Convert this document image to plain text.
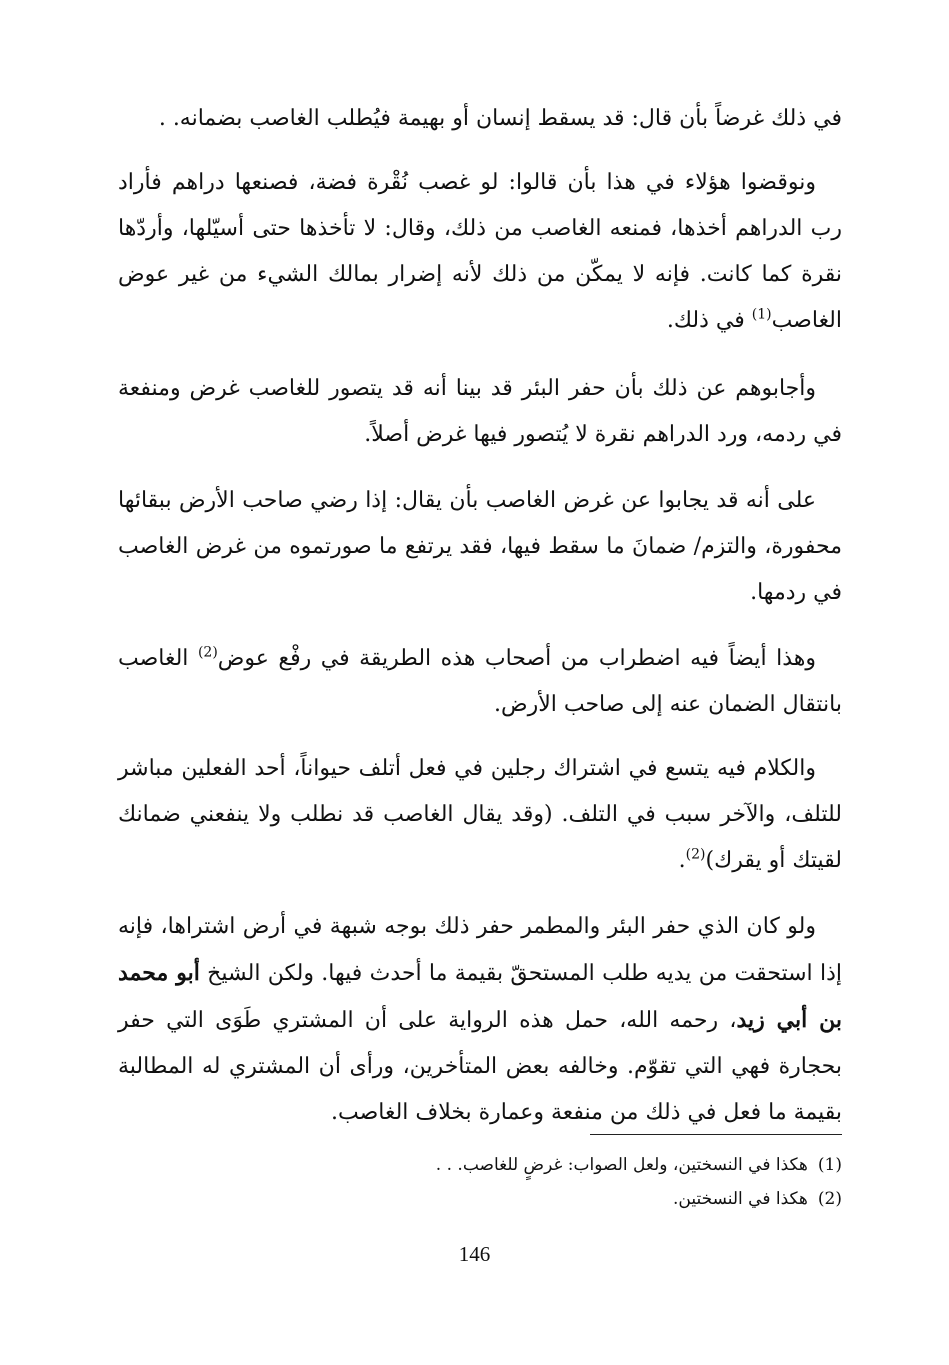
في ذلك غرضاً بأن قال: قد يسقط إنسان أو بهيمة فيُطلب الغاصب بضمانه. .

ونوقضوا هؤلاء في هذا بأن قالوا: لو غصب نُقْرة فضة، فصنعها دراهم فأراد رب الدراهم أخذها، فمنعه الغاصب من ذلك، وقال: لا تأخذها حتى أسيّلها، وأردّها نقرة كما كانت. فإنه لا يمكّن من ذلك لأنه إضرار بمالك الشيء من غير عوض الغاصب$^{(1)}$ في ذلك.

وأجابوهم عن ذلك بأن حفر البئر قد بينا أنه قد يتصور للغاصب غرض ومنفعة في ردمه، ورد الدراهم نقرة لا يُتصور فيها غرض أصلاً.

على أنه قد يجابوا عن غرض الغاصب بأن يقال: إذا رضي صاحب الأرض ببقائها محفورة، والتزم/ ضمانَ ما سقط فيها، فقد يرتفع ما صورتموه من غرض الغاصب في ردمها.

وهذا أيضاً فيه اضطراب من أصحاب هذه الطريقة في رفْع عوض$^{(2)}$ الغاصب بانتقال الضمان عنه إلى صاحب الأرض.

والكلام فيه يتسع في اشتراك رجلين في فعل أتلف حيواناً، أحد الفعلين مباشر للتلف، والآخر سبب في التلف. (وقد يقال الغاصب قد نطلب ولا ينفعني ضمانك لقيتك أو يقرك)$^{(2)}$.

ولو كان الذي حفر البئر والمطمر حفر ذلك بوجه شبهة في أرض اشتراها، فإنه إذا استحقت من يديه طلب المستحقّ بقيمة ما أحدث فيها. ولكن الشيخ أبو محمد بن أبي زيد، رحمه الله، حمل هذه الرواية على أن المشتري طَوَى التي حفر بحجارة فهي التي تقوّم. وخالفه بعض المتأخرين، ورأى أن المشتري له المطالبة بقيمة ما فعل في ذلك من منفعة وعمارة بخلاف الغاصب.

(1)هكذا في النسختين، ولعل الصواب: غرضٍ للغاصب. . .

(2)هكذا في النسختين.

146
